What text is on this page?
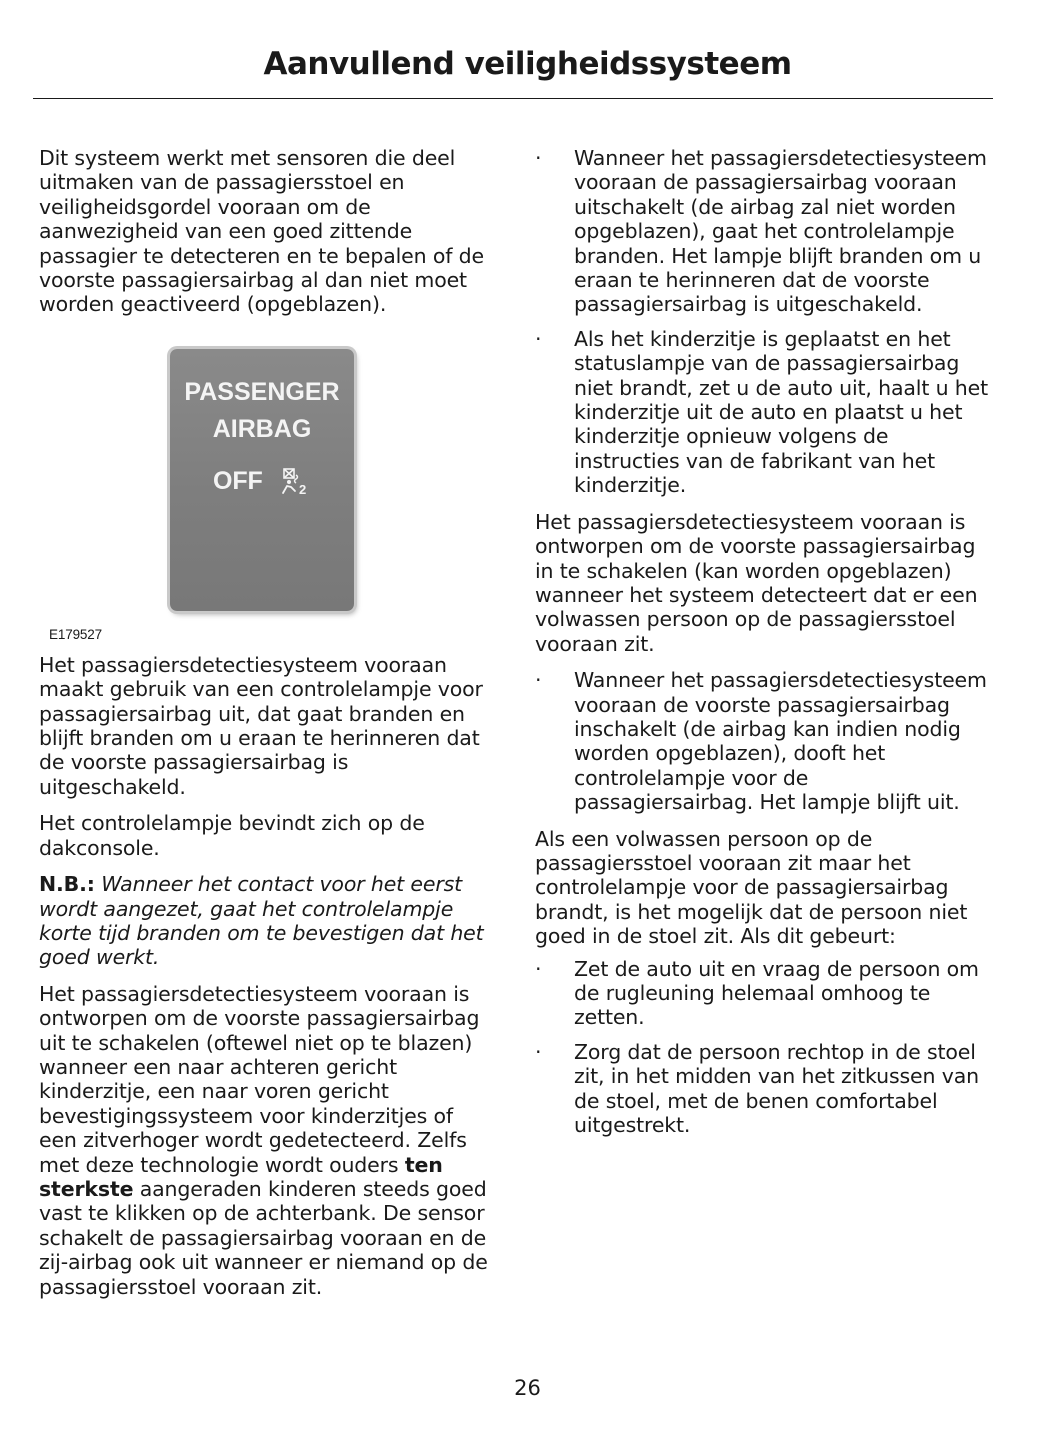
Aanvullend veiligheidssysteem

Dit systeem werkt met sensoren die deel uitmaken van de passagiersstoel en veiligheidsgordel vooraan om de aanwezigheid van een goed zittende passagier te detecteren en te bepalen of de voorste passagiersairbag al dan niet moet worden geactiveerd (opgeblazen).

PASSENGER
AIRBAG
OFF	2
E179527

Het passagiersdetectiesysteem vooraan maakt gebruik van een controlelampje voor passagiersairbag uit, dat gaat branden en blijft branden om u eraan te herinneren dat de voorste passagiersairbag is uitgeschakeld.

Het controlelampje bevindt zich op de dakconsole.

N.B.: Wanneer het contact voor het eerst wordt aangezet, gaat het controlelampje korte tijd branden om te bevestigen dat het goed werkt.

Het passagiersdetectiesysteem vooraan is ontworpen om de voorste passagiersairbag uit te schakelen (oftewel niet op te blazen) wanneer een naar achteren gericht kinderzitje, een naar voren gericht bevestigingssysteem voor kinderzitjes of een zitverhoger wordt gedetecteerd. Zelfs met deze technologie wordt ouders ten sterkste aangeraden kinderen steeds goed vast te klikken op de achterbank. De sensor schakelt de passagiersairbag vooraan en de zij-airbag ook uit wanneer er niemand op de passagiersstoel vooraan zit.

· Wanneer het passagiersdetectiesysteem vooraan de passagiersairbag vooraan uitschakelt (de airbag zal niet worden opgeblazen), gaat het controlelampje branden. Het lampje blijft branden om u eraan te herinneren dat de voorste passagiersairbag is uitgeschakeld.
· Als het kinderzitje is geplaatst en het statuslampje van de passagiersairbag niet brandt, zet u de auto uit, haalt u het kinderzitje uit de auto en plaatst u het kinderzitje opnieuw volgens de instructies van de fabrikant van het kinderzitje.

Het passagiersdetectiesysteem vooraan is ontworpen om de voorste passagiersairbag in te schakelen (kan worden opgeblazen) wanneer het systeem detecteert dat er een volwassen persoon op de passagiersstoel vooraan zit.

· Wanneer het passagiersdetectiesysteem vooraan de voorste passagiersairbag inschakelt (de airbag kan indien nodig worden opgeblazen), dooft het controlelampje voor de passagiersairbag. Het lampje blijft uit.

Als een volwassen persoon op de passagiersstoel vooraan zit maar het controlelampje voor de passagiersairbag brandt, is het mogelijk dat de persoon niet goed in de stoel zit. Als dit gebeurt:

· Zet de auto uit en vraag de persoon om de rugleuning helemaal omhoog te zetten.
· Zorg dat de persoon rechtop in de stoel zit, in het midden van het zitkussen van de stoel, met de benen comfortabel uitgestrekt.
26
